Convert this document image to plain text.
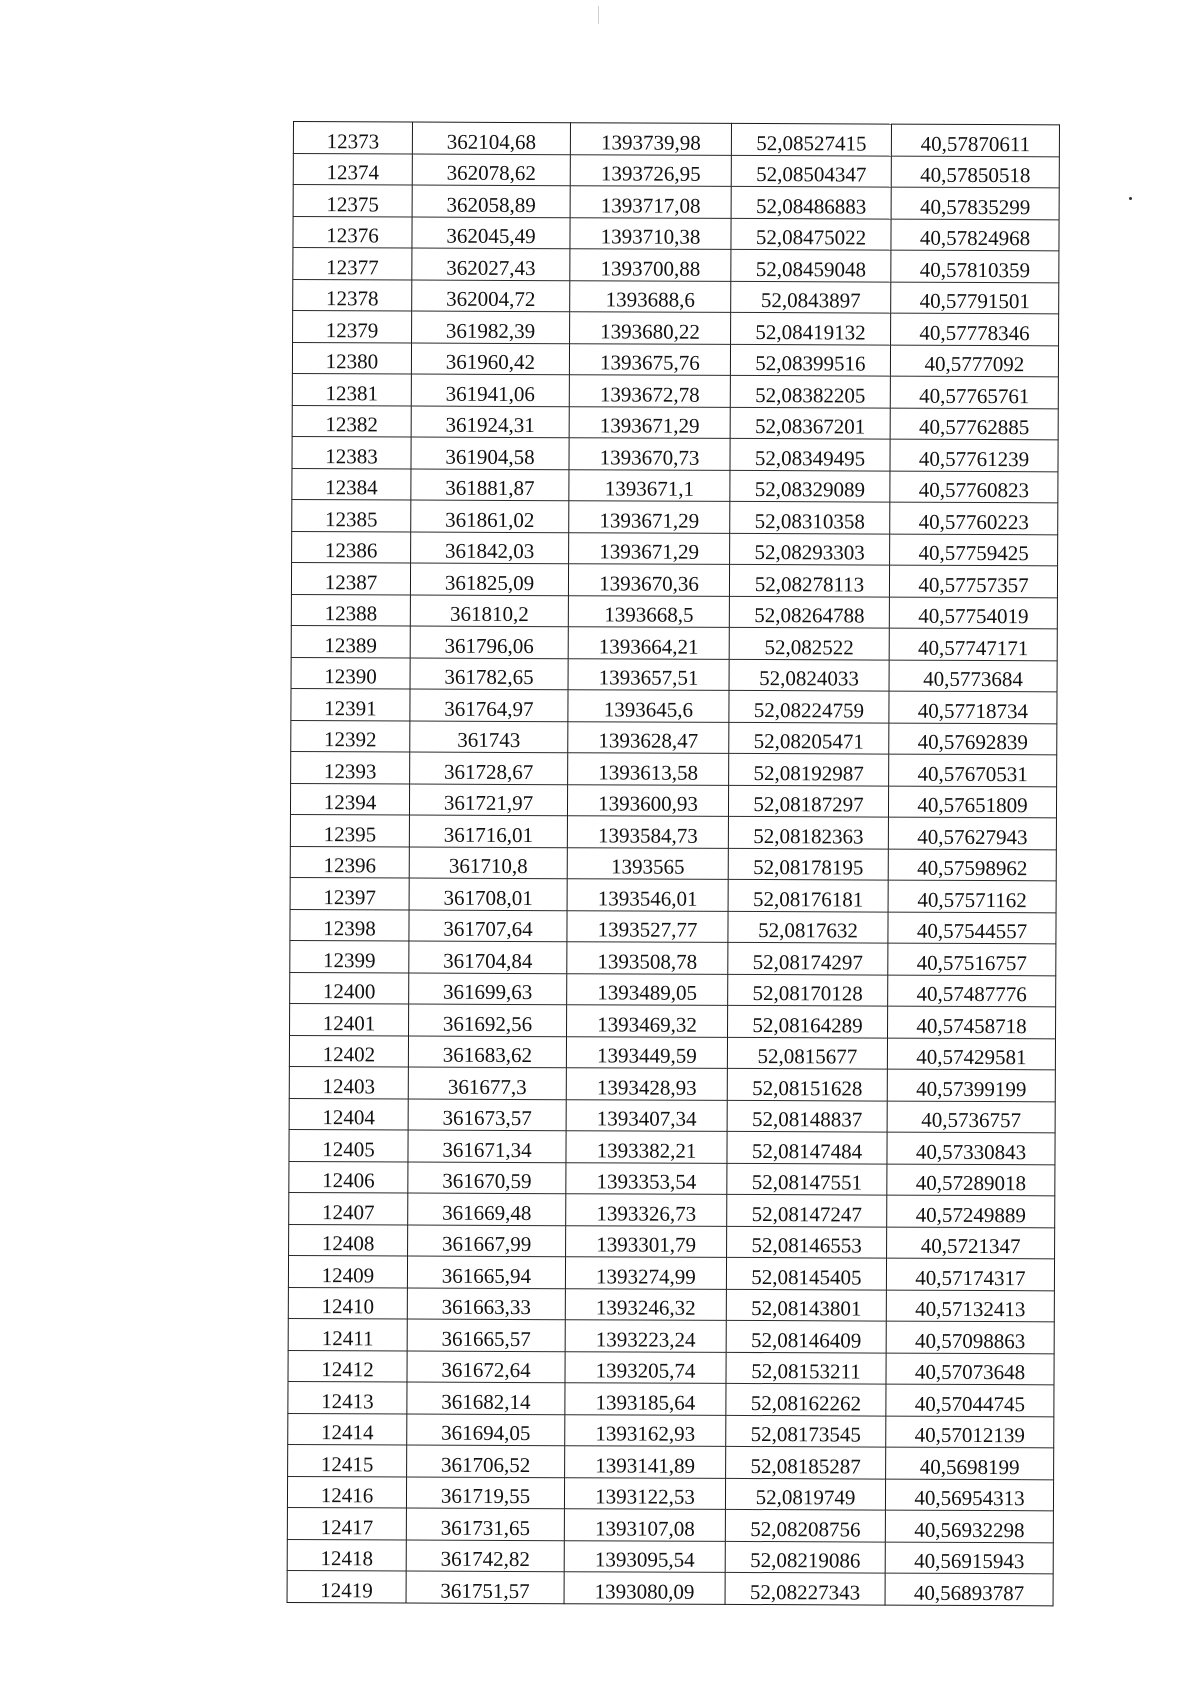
12373	362104,68	1393739,98	52,08527415	40,57870611
12374	362078,62	1393726,95	52,08504347	40,57850518
12375	362058,89	1393717,08	52,08486883	40,57835299
12376	362045,49	1393710,38	52,08475022	40,57824968
12377	362027,43	1393700,88	52,08459048	40,57810359
12378	362004,72	1393688,6	52,0843897	40,57791501
12379	361982,39	1393680,22	52,08419132	40,57778346
12380	361960,42	1393675,76	52,08399516	40,5777092
12381	361941,06	1393672,78	52,08382205	40,57765761
12382	361924,31	1393671,29	52,08367201	40,57762885
12383	361904,58	1393670,73	52,08349495	40,57761239
12384	361881,87	1393671,1	52,08329089	40,57760823
12385	361861,02	1393671,29	52,08310358	40,57760223
12386	361842,03	1393671,29	52,08293303	40,57759425
12387	361825,09	1393670,36	52,08278113	40,57757357
12388	361810,2	1393668,5	52,08264788	40,57754019
12389	361796,06	1393664,21	52,082522	40,57747171
12390	361782,65	1393657,51	52,0824033	40,5773684
12391	361764,97	1393645,6	52,08224759	40,57718734
12392	361743	1393628,47	52,08205471	40,57692839
12393	361728,67	1393613,58	52,08192987	40,57670531
12394	361721,97	1393600,93	52,08187297	40,57651809
12395	361716,01	1393584,73	52,08182363	40,57627943
12396	361710,8	1393565	52,08178195	40,57598962
12397	361708,01	1393546,01	52,08176181	40,57571162
12398	361707,64	1393527,77	52,0817632	40,57544557
12399	361704,84	1393508,78	52,08174297	40,57516757
12400	361699,63	1393489,05	52,08170128	40,57487776
12401	361692,56	1393469,32	52,08164289	40,57458718
12402	361683,62	1393449,59	52,0815677	40,57429581
12403	361677,3	1393428,93	52,08151628	40,57399199
12404	361673,57	1393407,34	52,08148837	40,5736757
12405	361671,34	1393382,21	52,08147484	40,57330843
12406	361670,59	1393353,54	52,08147551	40,57289018
12407	361669,48	1393326,73	52,08147247	40,57249889
12408	361667,99	1393301,79	52,08146553	40,5721347
12409	361665,94	1393274,99	52,08145405	40,57174317
12410	361663,33	1393246,32	52,08143801	40,57132413
12411	361665,57	1393223,24	52,08146409	40,57098863
12412	361672,64	1393205,74	52,08153211	40,57073648
12413	361682,14	1393185,64	52,08162262	40,57044745
12414	361694,05	1393162,93	52,08173545	40,57012139
12415	361706,52	1393141,89	52,08185287	40,5698199
12416	361719,55	1393122,53	52,0819749	40,56954313
12417	361731,65	1393107,08	52,08208756	40,56932298
12418	361742,82	1393095,54	52,08219086	40,56915943
12419	361751,57	1393080,09	52,08227343	40,56893787
